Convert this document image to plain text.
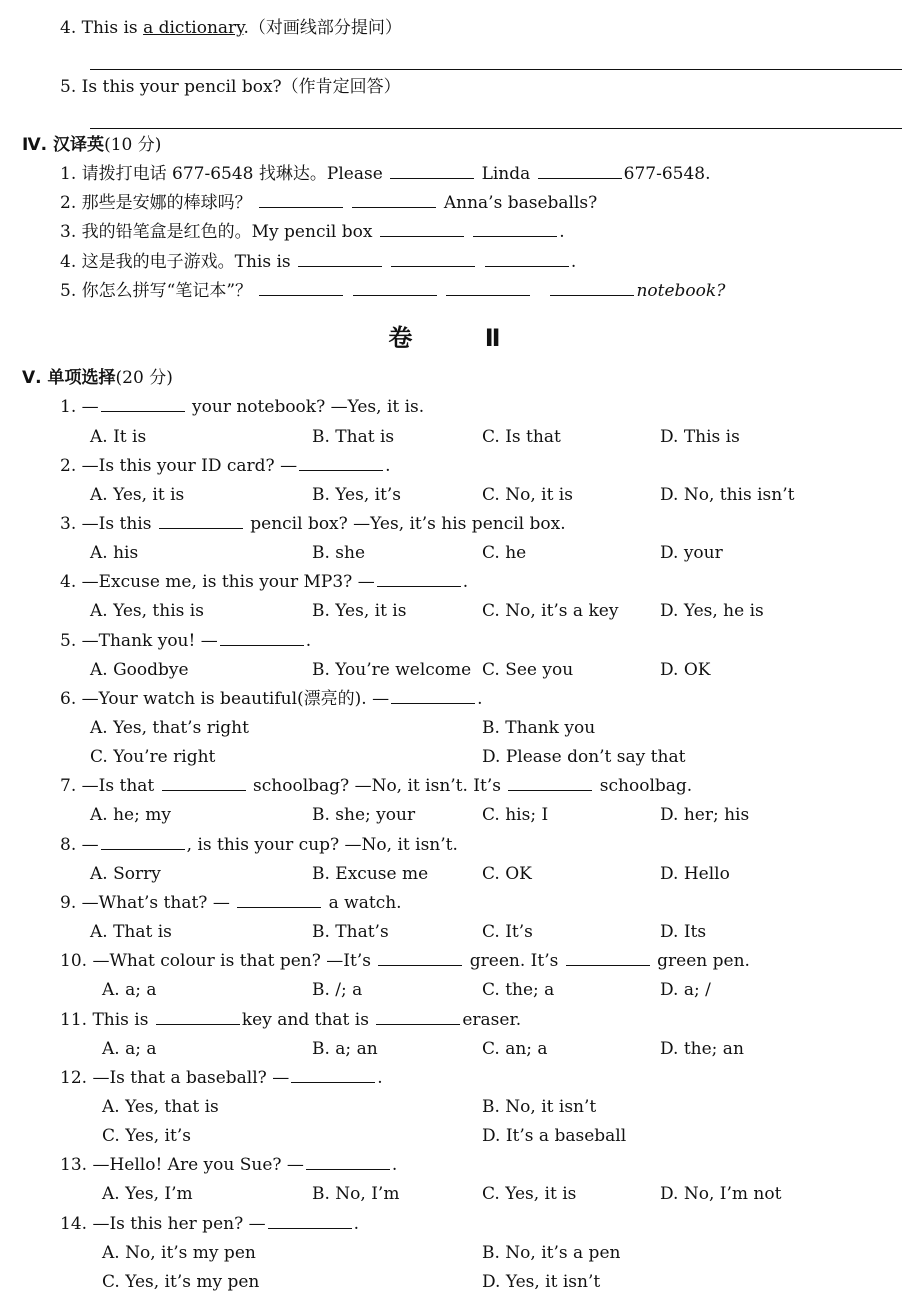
4. This is a dictionary.（对画线部分提问）
5. Is this your pencil box?（作肯定回答）
Ⅳ. 汉译英(10 分)
1. 请拨打电话 677-6548 找琳达。Please	Linda	677-6548.
2. 那些是安娜的棒球吗？	Anna’s baseballs?
3. 我的铅笔盒是红色的。My pencil box	.
4. 这是我的电子游戏。This is	.
5. 你怎么拼写“笔记本”？	notebook?
卷 Ⅱ
Ⅴ. 单项选择(20 分)
1. —	your notebook? —Yes, it is.
A. It is	B. That is	C. Is that	D. This is
2. —Is this your ID card? —	.
A. Yes, it is	B. Yes, it’s	C. No, it is	D. No, this isn’t
3. —Is this	pencil box? —Yes, it’s his pencil box.
A. his	B. she	C. he	D. your
4. —Excuse me, is this your MP3? —	.
A. Yes, this is	B. Yes, it is	C. No, it’s a key D. Yes, he is
5. —Thank you! —	.
A. Goodbye	B. You’re welcome C. See you	D. OK
6. —Your watch is beautiful(漂亮的). —	.
A. Yes, that’s right	B. Thank you
C. You’re right	D. Please don’t say that
7. —Is that	schoolbag? —No, it isn’t. It’s	schoolbag.
A. he; my	B. she; your	C. his; I	D. her; his
8. —	, is this your cup? —No, it isn’t.
A. Sorry	B. Excuse me	C. OK	D. Hello
9. —What’s that? —	a watch.
A. That is	B. That’s	C. It’s	D. Its
10. —What colour is that pen? —It’s	green. It’s	green pen.
A. a; a	B. /; a	C. the; a	D. a; /
11. This is	key and that is	eraser.
A. a; a	B. a; an	C. an; a	D. the; an
12. —Is that a baseball? —	.
A. Yes, that is	B. No, it isn’t
C. Yes, it’s	D. It’s a baseball
13. —Hello! Are you Sue? —	.
A. Yes, I’m	B. No, I’m	C. Yes, it is	D. No, I’m not
14. —Is this her pen? —	.
A. No, it’s my pen	B. No, it’s a pen
C. Yes, it’s my pen	D. Yes, it isn’t
